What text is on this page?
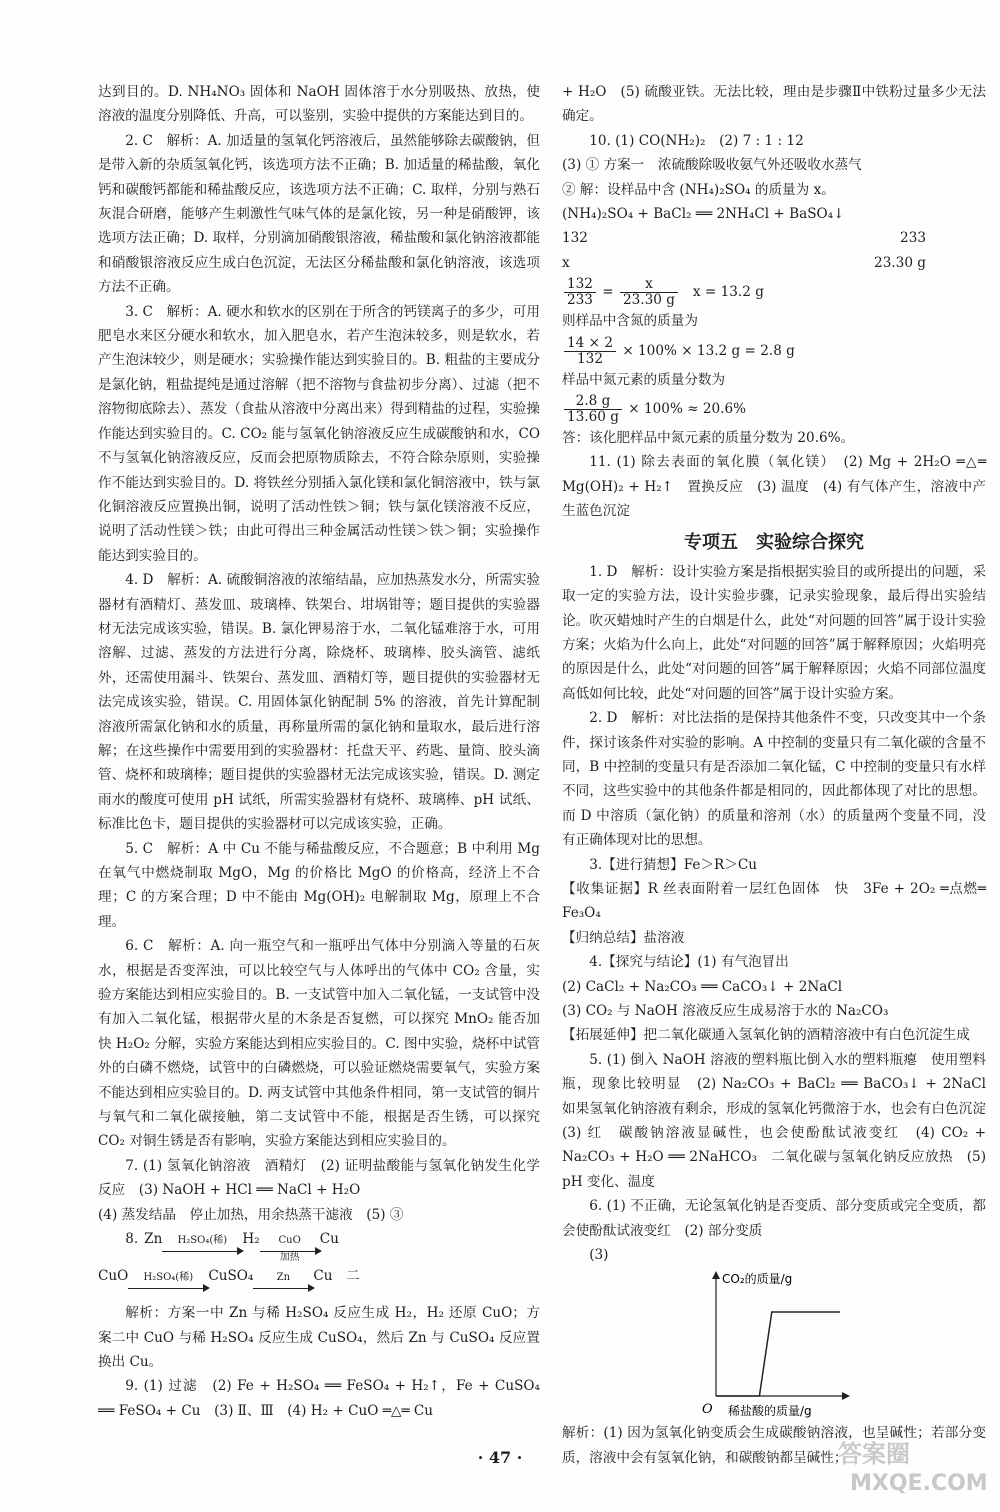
达到目的。D. NH₄NO₃ 固体和 NaOH 固体溶于水分别吸热、放热，使溶液的温度分别降低、升高，可以鉴别，实验中提供的方案能达到目的。

2. C　解析：A. 加适量的氢氧化钙溶液后，虽然能够除去碳酸钠，但是带入新的杂质氢氧化钙，该选项方法不正确；B. 加适量的稀盐酸，氧化钙和碳酸钙都能和稀盐酸反应，该选项方法不正确；C. 取样，分别与熟石灰混合研磨，能够产生刺激性气味气体的是氯化铵，另一种是硝酸钾，该选项方法正确；D. 取样，分别滴加硝酸银溶液，稀盐酸和氯化钠溶液都能和硝酸银溶液反应生成白色沉淀，无法区分稀盐酸和氯化钠溶液，该选项方法不正确。

3. C　解析：A. 硬水和软水的区别在于所含的钙镁离子的多少，可用肥皂水来区分硬水和软水，加入肥皂水，若产生泡沫较多，则是软水，若产生泡沫较少，则是硬水；实验操作能达到实验目的。B. 粗盐的主要成分是氯化钠，粗盐提纯是通过溶解（把不溶物与食盐初步分离）、过滤（把不溶物彻底除去）、蒸发（食盐从溶液中分离出来）得到精盐的过程，实验操作能达到实验目的。C. CO₂ 能与氢氧化钠溶液反应生成碳酸钠和水，CO 不与氢氧化钠溶液反应，反而会把原物质除去，不符合除杂原则，实验操作不能达到实验目的。D. 将铁丝分别插入氯化镁和氯化铜溶液中，铁与氯化铜溶液反应置换出铜，说明了活动性铁＞铜；铁与氯化镁溶液不反应，说明了活动性镁＞铁；由此可得出三种金属活动性镁＞铁＞铜；实验操作能达到实验目的。

4. D　解析：A. 硫酸铜溶液的浓缩结晶，应加热蒸发水分，所需实验器材有酒精灯、蒸发皿、玻璃棒、铁架台、坩埚钳等；题目提供的实验器材无法完成该实验，错误。B. 氯化钾易溶于水，二氧化锰难溶于水，可用溶解、过滤、蒸发的方法进行分离，除烧杯、玻璃棒、胶头滴管、滤纸外，还需使用漏斗、铁架台、蒸发皿、酒精灯等，题目提供的实验器材无法完成该实验，错误。C. 用固体氯化钠配制 5% 的溶液，首先计算配制溶液所需氯化钠和水的质量，再称量所需的氯化钠和量取水，最后进行溶解；在这些操作中需要用到的实验器材：托盘天平、药匙、量筒、胶头滴管、烧杯和玻璃棒；题目提供的实验器材无法完成该实验，错误。D. 测定雨水的酸度可使用 pH 试纸，所需实验器材有烧杯、玻璃棒、pH 试纸、标准比色卡，题目提供的实验器材可以完成该实验，正确。

5. C　解析：A 中 Cu 不能与稀盐酸反应，不合题意；B 中利用 Mg 在氧气中燃烧制取 MgO，Mg 的价格比 MgO 的价格高，经济上不合理；C 的方案合理；D 中不能由 Mg(OH)₂ 电解制取 Mg，原理上不合理。

6. C　解析：A. 向一瓶空气和一瓶呼出气体中分别滴入等量的石灰水，根据是否变浑浊，可以比较空气与人体呼出的气体中 CO₂ 含量，实验方案能达到相应实验目的。B. 一支试管中加入二氧化锰，一支试管中没有加入二氧化锰，根据带火星的木条是否复燃，可以探究 MnO₂ 能否加快 H₂O₂ 分解，实验方案能达到相应实验目的。C. 图中实验，烧杯中试管外的白磷不燃烧，试管中的白磷燃烧，可以验证燃烧需要氧气，实验方案不能达到相应实验目的。D. 两支试管中其他条件相同，第一支试管的铜片与氧气和二氧化碳接触，第二支试管中不能，根据是否生锈，可以探究 CO₂ 对铜生锈是否有影响，实验方案能达到相应实验目的。

7. (1) 氢氧化钠溶液　酒精灯　(2) 证明盐酸能与氢氧化钠发生化学反应　(3) NaOH + HCl ══ NaCl + H₂O

(4) 蒸发结晶　停止加热，用余热蒸干滤液　(5) ③

8. Zn	H₂SO₄(稀)
	H₂	CuO
加热
Cu
CuO	H₂SO₄(稀)
	CuSO₄	Zn
	Cu　二

解析：方案一中 Zn 与稀 H₂SO₄ 反应生成 H₂，H₂ 还原 CuO；方案二中 CuO 与稀 H₂SO₄ 反应生成 CuSO₄，然后 Zn 与 CuSO₄ 反应置换出 Cu。

9. (1) 过滤　(2) Fe + H₂SO₄ ══ FeSO₄ + H₂↑，Fe + CuSO₄ ══ FeSO₄ + Cu　(3) Ⅱ、Ⅲ　(4) H₂ + CuO ═△═ Cu

+ H₂O　(5) 硫酸亚铁。无法比较，理由是步骤Ⅱ中铁粉过量多少无法确定。

10. (1) CO(NH₂)₂　(2) 7 : 1 : 12

(3) ① 方案一　浓硫酸除吸收氨气外还吸收水蒸气

② 解：设样品中含 (NH₄)₂SO₄ 的质量为 x。

(NH₄)₂SO₄ + BaCl₂ ══ 2NH₄Cl + BaSO₄↓

132	233
x	23.30 g
$\frac{132}{233} = \frac{x}{23.30 g}$ x = 13.2 g

则样品中含氮的质量为

$\frac{14 \times 2}{132} \times 100\% \times 13.2$ g = 2.8 g

样品中氮元素的质量分数为

$\frac{2.8 g}{13.60 g} \times 100\% \approx 20.6\%$

答：该化肥样品中氮元素的质量分数为 20.6%。

11. (1) 除去表面的氧化膜（氧化镁）　(2) Mg + 2H₂O ═△═ Mg(OH)₂ + H₂↑　置换反应　(3) 温度　(4) 有气体产生，溶液中产生蓝色沉淀

专项五　实验综合探究

1. D　解析：设计实验方案是指根据实验目的或所提出的问题，采取一定的实验方法，设计实验步骤，记录实验现象，最后得出实验结论。吹灭蜡烛时产生的白烟是什么，此处“对问题的回答”属于设计实验方案；火焰为什么向上，此处“对问题的回答”属于解释原因；火焰明亮的原因是什么，此处“对问题的回答”属于解释原因；火焰不同部位温度高低如何比较，此处“对问题的回答”属于设计实验方案。

2. D　解析：对比法指的是保持其他条件不变，只改变其中一个条件，探讨该条件对实验的影响。A 中控制的变量只有二氧化碳的含量不同，B 中控制的变量只有是否添加二氧化锰，C 中控制的变量只有水样不同，这些实验中的其他条件都是相同的，因此都体现了对比的思想。而 D 中溶质（氯化钠）的质量和溶剂（水）的质量两个变量不同，没有正确体现对比的思想。

3.【进行猜想】Fe＞R＞Cu

【收集证据】R 丝表面附着一层红色固体　快　3Fe + 2O₂ ═点燃═ Fe₃O₄

【归纳总结】盐溶液

4.【探究与结论】(1) 有气泡冒出

(2) CaCl₂ + Na₂CO₃ ══ CaCO₃↓ + 2NaCl

(3) CO₂ 与 NaOH 溶液反应生成易溶于水的 Na₂CO₃

【拓展延伸】把二氧化碳通入氢氧化钠的酒精溶液中有白色沉淀生成

5. (1) 倒入 NaOH 溶液的塑料瓶比倒入水的塑料瓶瘪　使用塑料瓶，现象比较明显　(2) Na₂CO₃ + BaCl₂ ══ BaCO₃↓ + 2NaCl　如果氢氧化钠溶液有剩余，形成的氢氧化钙微溶于水，也会有白色沉淀　(3) 红　碳酸钠溶液显碱性，也会使酚酞试液变红　(4) CO₂ + Na₂CO₃ + H₂O ══ 2NaHCO₃　二氧化碳与氢氧化钠反应放热　(5) pH 变化、温度

6. (1) 不正确，无论氢氧化钠是否变质、部分变质或完全变质，都会使酚酞试液变红　(2) 部分变质

(3)

CO₂的质量/g
O 稀盐酸的质量/g

解析：(1) 因为氢氧化钠变质会生成碳酸钠溶液，也呈碱性；若部分变质，溶液中会有氢氧化钠，和碳酸钠都呈碱性；

· 47 ·	答案圈
MXQE.COM
